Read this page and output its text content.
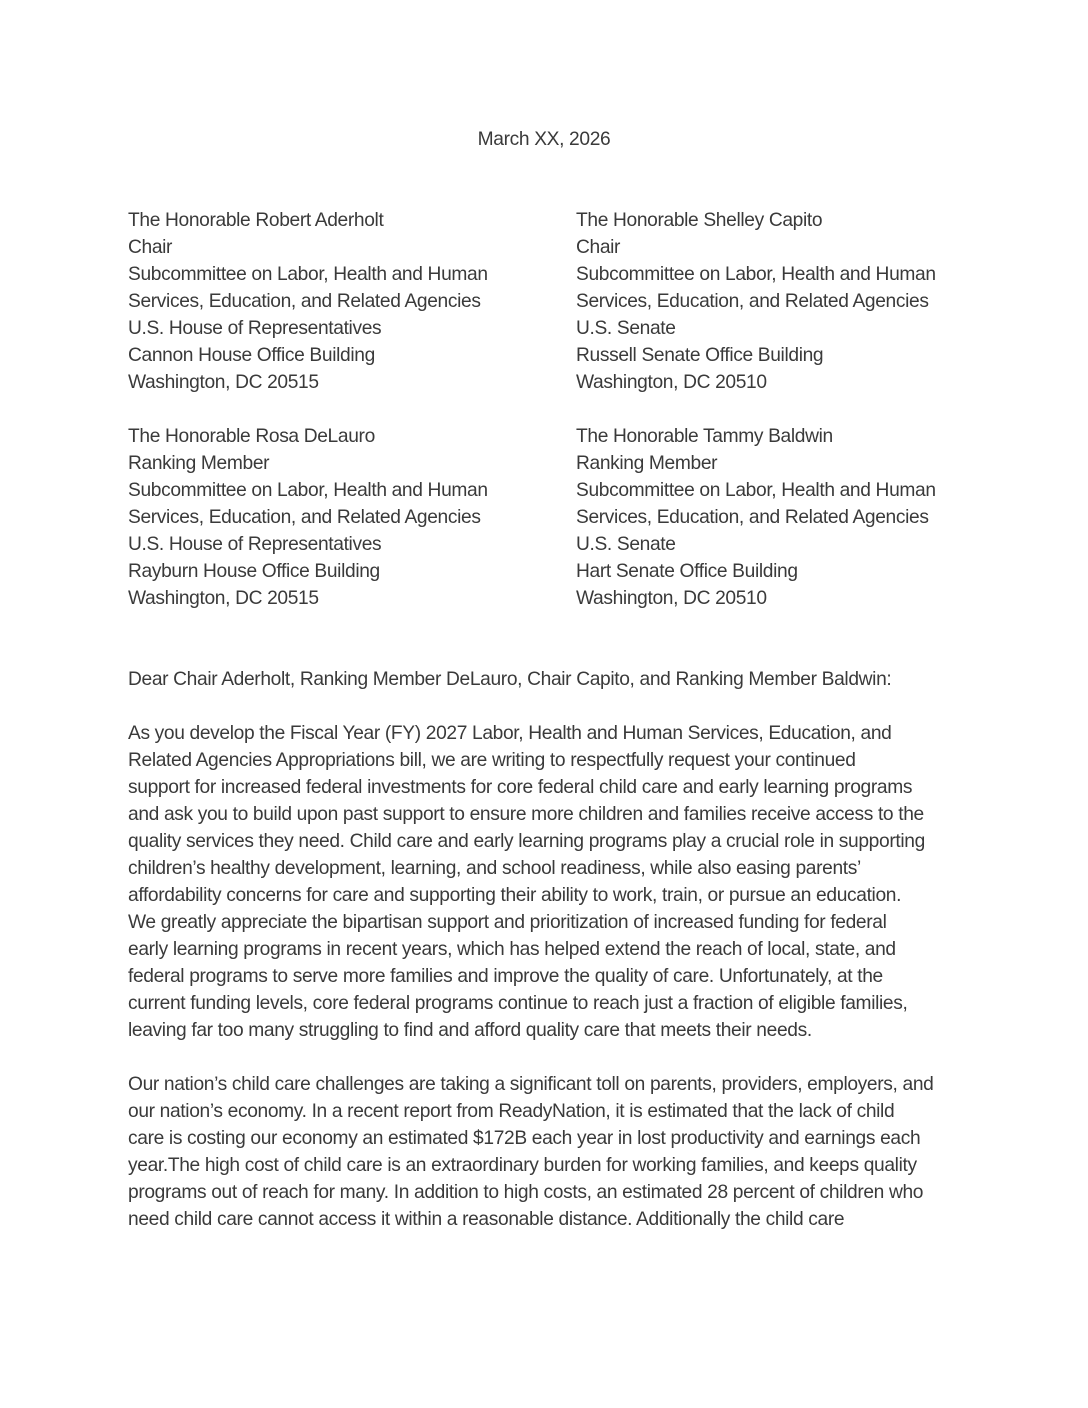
March XX, 2026
The Honorable Robert Aderholt
Chair
Subcommittee on Labor, Health and Human
Services, Education, and Related Agencies
U.S. House of Representatives
Cannon House Office Building
Washington, DC 20515
The Honorable Shelley Capito
Chair
Subcommittee on Labor, Health and Human
Services, Education, and Related Agencies
U.S. Senate
Russell Senate Office Building
Washington, DC 20510
The Honorable Rosa DeLauro
Ranking Member
Subcommittee on Labor, Health and Human
Services, Education, and Related Agencies
U.S. House of Representatives
Rayburn House Office Building
Washington, DC 20515
The Honorable Tammy Baldwin
Ranking Member
Subcommittee on Labor, Health and Human
Services, Education, and Related Agencies
U.S. Senate
Hart Senate Office Building
Washington, DC 20510
Dear Chair Aderholt, Ranking Member DeLauro, Chair Capito, and Ranking Member Baldwin:
As you develop the Fiscal Year (FY) 2027 Labor, Health and Human Services, Education, and
Related Agencies Appropriations bill, we are writing to respectfully request your continued
support for increased federal investments for core federal child care and early learning programs
and ask you to build upon past support to ensure more children and families receive access to the
quality services they need. Child care and early learning programs play a crucial role in supporting
children’s healthy development, learning, and school readiness, while also easing parents’
affordability concerns for care and supporting their ability to work, train, or pursue an education.
We greatly appreciate the bipartisan support and prioritization of increased funding for federal
early learning programs in recent years, which has helped extend the reach of local, state, and
federal programs to serve more families and improve the quality of care. Unfortunately, at the
current funding levels, core federal programs continue to reach just a fraction of eligible families,
leaving far too many struggling to find and afford quality care that meets their needs.
Our nation’s child care challenges are taking a significant toll on parents, providers, employers, and
our nation’s economy. In a recent report from ReadyNation, it is estimated that the lack of child
care is costing our economy an estimated $172B each year in lost productivity and earnings each
year.The high cost of child care is an extraordinary burden for working families, and keeps quality
programs out of reach for many. In addition to high costs, an estimated 28 percent of children who
need child care cannot access it within a reasonable distance. Additionally the child care
